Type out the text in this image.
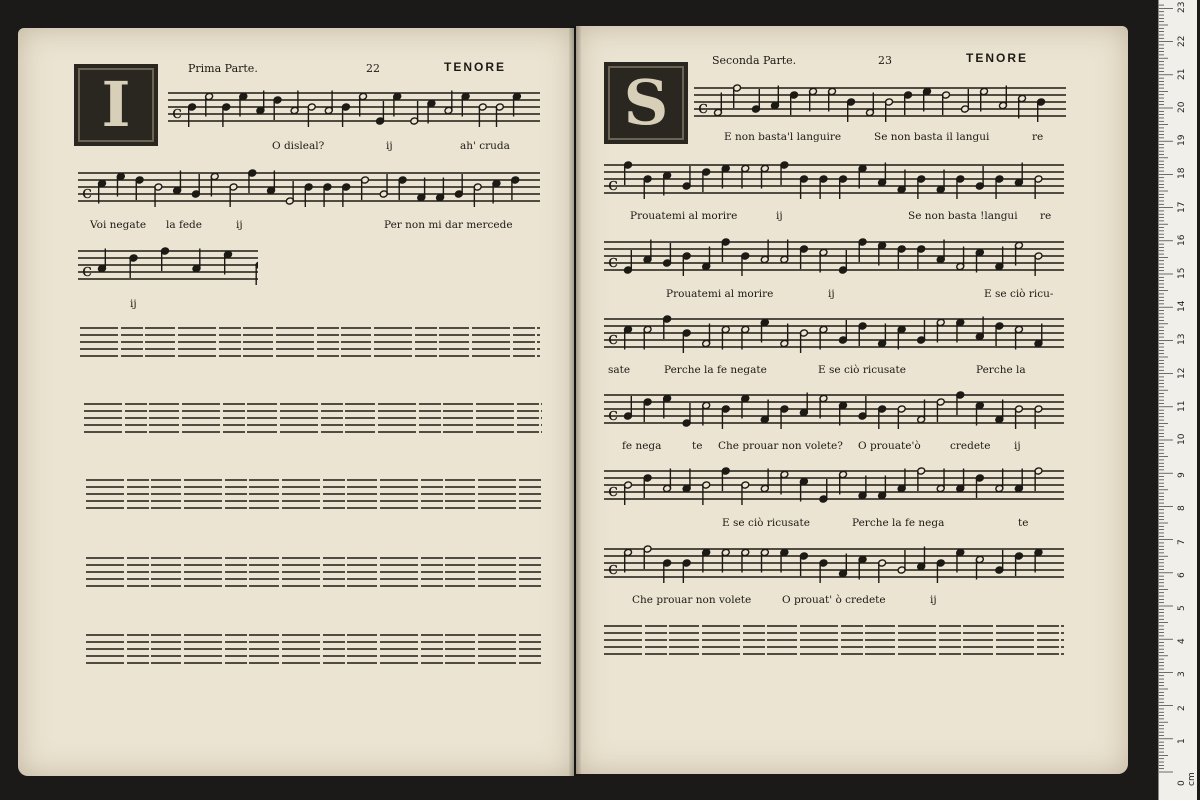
I	Prima Parte.	22	TENORE
c
O disleal?	ij	ah' cruda
c
Voi negate la fede	ij	Per non mi dar mercede
c
ij
S
Seconda Parte.	23	TENORE
c
E non basta'l languire	Se non basta il langui	re
c
Prouatemi al morire	ij	Se non basta !langui re
c
Prouatemi al morire	ij	E se ciò ricu-
c
sate	Perche la fe negate	E se ciò ricusate	Perche la
c
fe nega	te Che prouar non volete? O prouate'ò	credete ij
c
E se ciò ricusate	Perche la fe nega	te
c
Che prouar non volete	O prouat' ò credete	ij
0 cm
1
2
3
4
5
6
7
8
9
10
11
12
13
14
15
16
17
18
19
20
21
22
23
